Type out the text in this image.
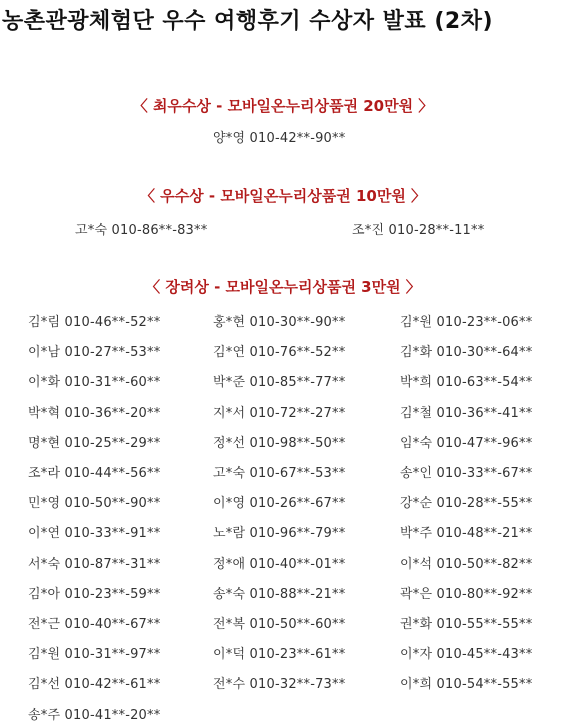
농촌관광체험단 우수 여행후기 수상자 발표 (2차)
〈 최우수상 - 모바일온누리상품권 20만원 〉
양*영 010-42**-90**
〈 우수상 - 모바일온누리상품권 10만원 〉
고*숙 010-86**-83**	조*진 010-28**-11**
〈 장려상 - 모바일온누리상품권 3만원 〉
김*림 010-46**-52**	홍*현 010-30**-90**	김*원 010-23**-06**
이*남 010-27**-53**	김*연 010-76**-52**	김*화 010-30**-64**
이*화 010-31**-60**	박*준 010-85**-77**	박*희 010-63**-54**
박*혁 010-36**-20**	지*서 010-72**-27**	김*철 010-36**-41**
명*현 010-25**-29**	정*선 010-98**-50**	임*숙 010-47**-96**
조*라 010-44**-56**	고*숙 010-67**-53**	송*인 010-33**-67**
민*영 010-50**-90**	이*영 010-26**-67**	강*순 010-28**-55**
이*연 010-33**-91**	노*람 010-96**-79**	박*주 010-48**-21**
서*숙 010-87**-31**	정*애 010-40**-01**	이*석 010-50**-82**
김*아 010-23**-59**	송*숙 010-88**-21**	곽*은 010-80**-92**
전*근 010-40**-67**	전*복 010-50**-60**	권*화 010-55**-55**
김*원 010-31**-97**	이*덕 010-23**-61**	이*자 010-45**-43**
김*선 010-42**-61**	전*수 010-32**-73**	이*희 010-54**-55**
송*주 010-41**-20**
